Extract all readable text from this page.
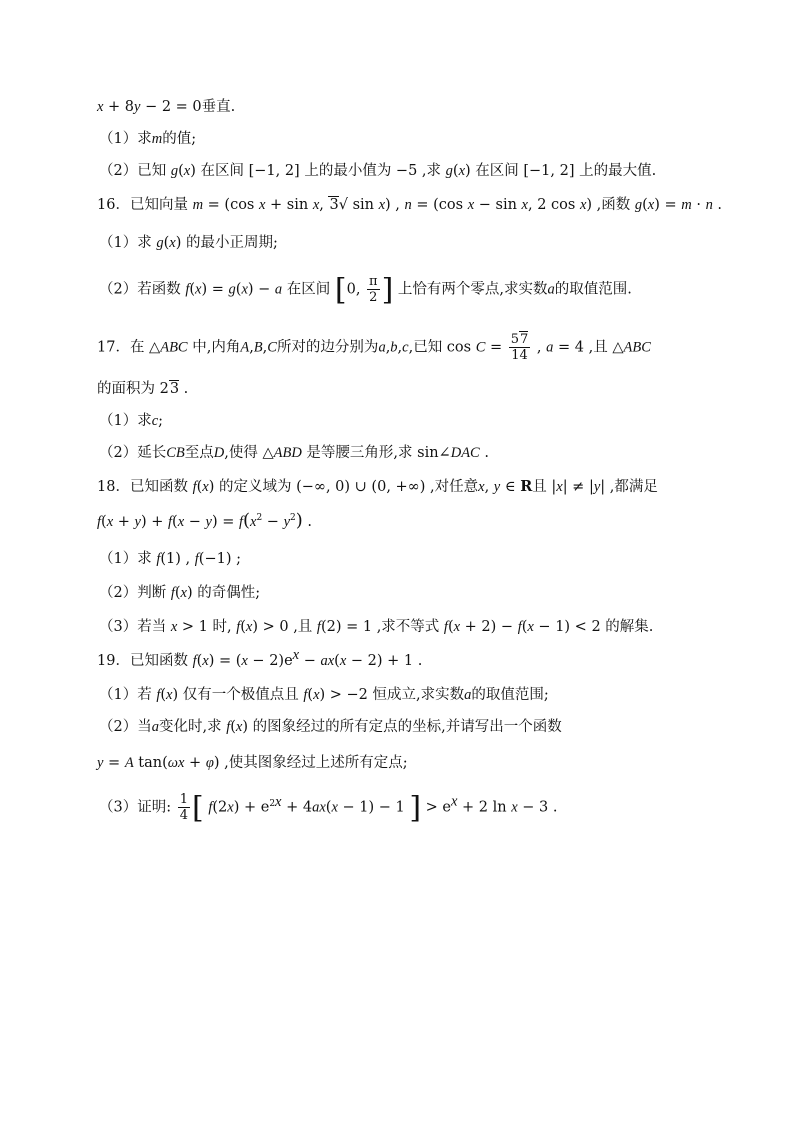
x + 8y − 2 = 0垂直.
（1）求m的值;
（2）已知 g(x) 在区间 [−1, 2] 上的最小值为 −5 ,求 g(x) 在区间 [−1, 2] 上的最大值.
16．已知向量 m = (cos x + sin x, 3√ sin x) , n = (cos x − sin x, 2 cos x) ,函数 g(x) = m · n .
（1）求 g(x) 的最小正周期;
（2）若函数 f(x) = g(x) − a 在区间 [0, $\frac{\pi}{2}$ ] 上恰有两个零点,求实数a的取值范围.
17．在 △ABC 中,内角A,B,C所对的边分别为a,b,c,已知 $\cos C = \frac{57}{14}$ , a = 4 ,且 △ABC
的面积为 23 .
（1）求c;
（2）延长CB至点D,使得 △ABD 是等腰三角形,求 sin∠DAC .
18．已知函数 f(x) 的定义域为 (−∞, 0) ∪ (0, +∞) ,对任意x, y ∈ R且 |x| ≠ |y| ,都满足
$f(x + y) + f(x - y) = f(x^2 - y^2)$ .
（1）求 f(1) , f(−1) ;
（2）判断 f(x) 的奇偶性;
（3）若当 x > 1 时, f(x) > 0 ,且 f(2) = 1 ,求不等式 f(x + 2) − f(x − 1) < 2 的解集.
19．已知函数 $f(x) = (x - 2)e^x - ax(x - 2) + 1$ .
（1）若 f(x) 仅有一个极值点且 f(x) > −2 恒成立,求实数a的取值范围;
（2）当a变化时,求 f(x) 的图象经过的所有定点的坐标,并请写出一个函数
y = A tan(ωx + φ) ,使其图象经过上述所有定点;
（3）证明: $\frac{1}{4}$ [ $f(2x) + e^{2x} + 4ax(x - 1) - 1$ ] > $e^x + 2$ ln x − 3 .
